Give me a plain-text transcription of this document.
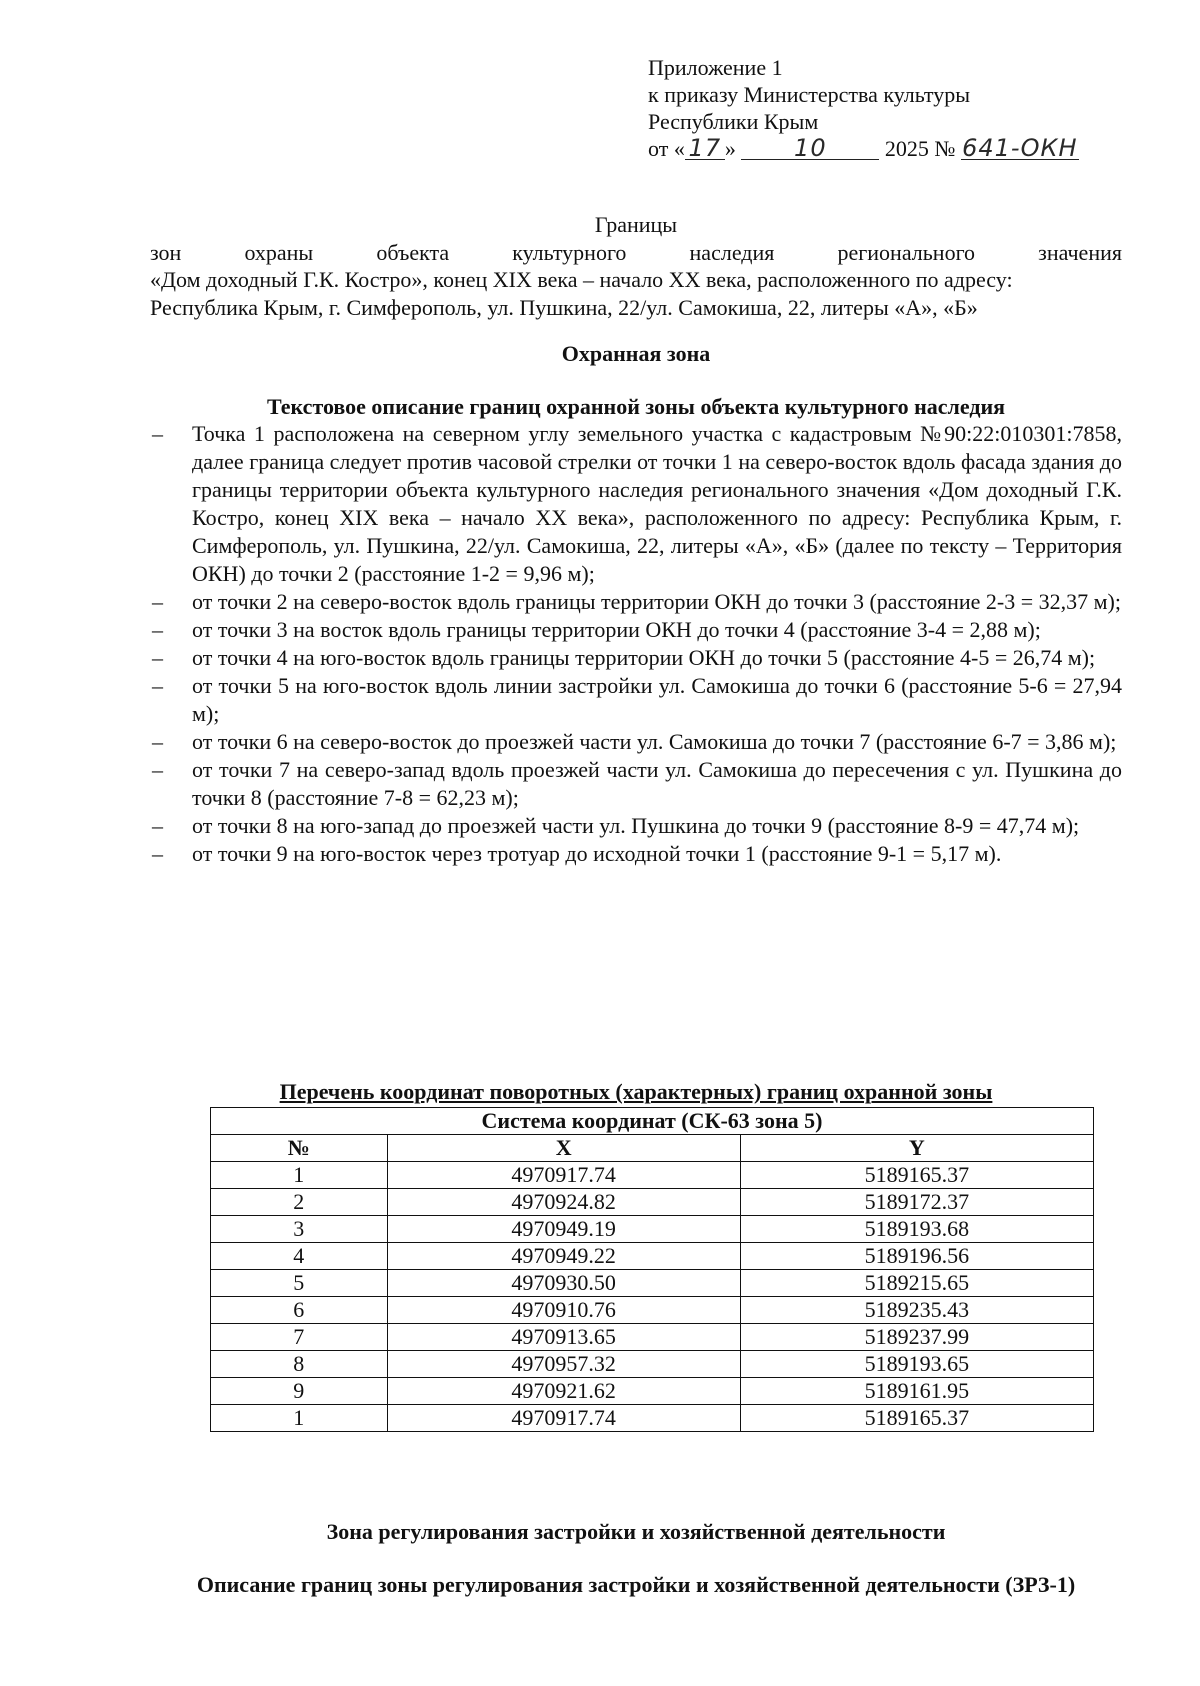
Приложение 1
к приказу Министерства культуры
Республики Крым
от « 17 » 10	2025 № 641-ОКН
Границы
зон охраны объекта культурного наследия регионального значения
«Дом доходный Г.К. Костро», конец XIX века – начало XX века, расположенного по адресу:
Республика Крым, г. Симферополь, ул. Пушкина, 22/ул. Самокиша, 22, литеры «А», «Б»
Охранная зона
Текстовое описание границ охранной зоны объекта культурного наследия
– Точка 1 расположена на северном углу земельного участка с кадастровым №90:22:010301:7858, далее граница следует против часовой стрелки от точки 1 на северо-восток вдоль фасада здания до границы территории объекта культурного наследия регионального значения «Дом доходный Г.К. Костро, конец XIX века – начало XX века», расположенного по адресу: Республика Крым, г. Симферополь, ул. Пушкина, 22/ул. Самокиша, 22, литеры «А», «Б» (далее по тексту – Территория ОКН) до точки 2 (расстояние 1-2 = 9,96 м);
– от точки 2 на северо-восток вдоль границы территории ОКН до точки 3 (расстояние 2-3 = 32,37 м);
– от точки 3 на восток вдоль границы территории ОКН до точки 4 (расстояние 3-4 = 2,88 м);
– от точки 4 на юго-восток вдоль границы территории ОКН до точки 5 (расстояние 4-5 = 26,74 м);
– от точки 5 на юго-восток вдоль линии застройки ул. Самокиша до точки 6 (расстояние 5-6 = 27,94 м);
– от точки 6 на северо-восток до проезжей части ул. Самокиша до точки 7 (расстояние 6-7 = 3,86 м);
– от точки 7 на северо-запад вдоль проезжей части ул. Самокиша до пересечения с ул. Пушкина до точки 8 (расстояние 7-8 = 62,23 м);
– от точки 8 на юго-запад до проезжей части ул. Пушкина до точки 9 (расстояние 8-9 = 47,74 м);
– от точки 9 на юго-восток через тротуар до исходной точки 1 (расстояние 9-1 = 5,17 м).
Перечень координат поворотных (характерных) границ охранной зоны
Система координат (СК-63 зона 5)		
№	X	Y
1	4970917.74	5189165.37
2	4970924.82	5189172.37
3	4970949.19	5189193.68
4	4970949.22	5189196.56
5	4970930.50	5189215.65
6	4970910.76	5189235.43
7	4970913.65	5189237.99
8	4970957.32	5189193.65
9	4970921.62	5189161.95
1	4970917.74	5189165.37
Зона регулирования застройки и хозяйственной деятельности
Описание границ зоны регулирования застройки и хозяйственной деятельности (ЗРЗ-1)
